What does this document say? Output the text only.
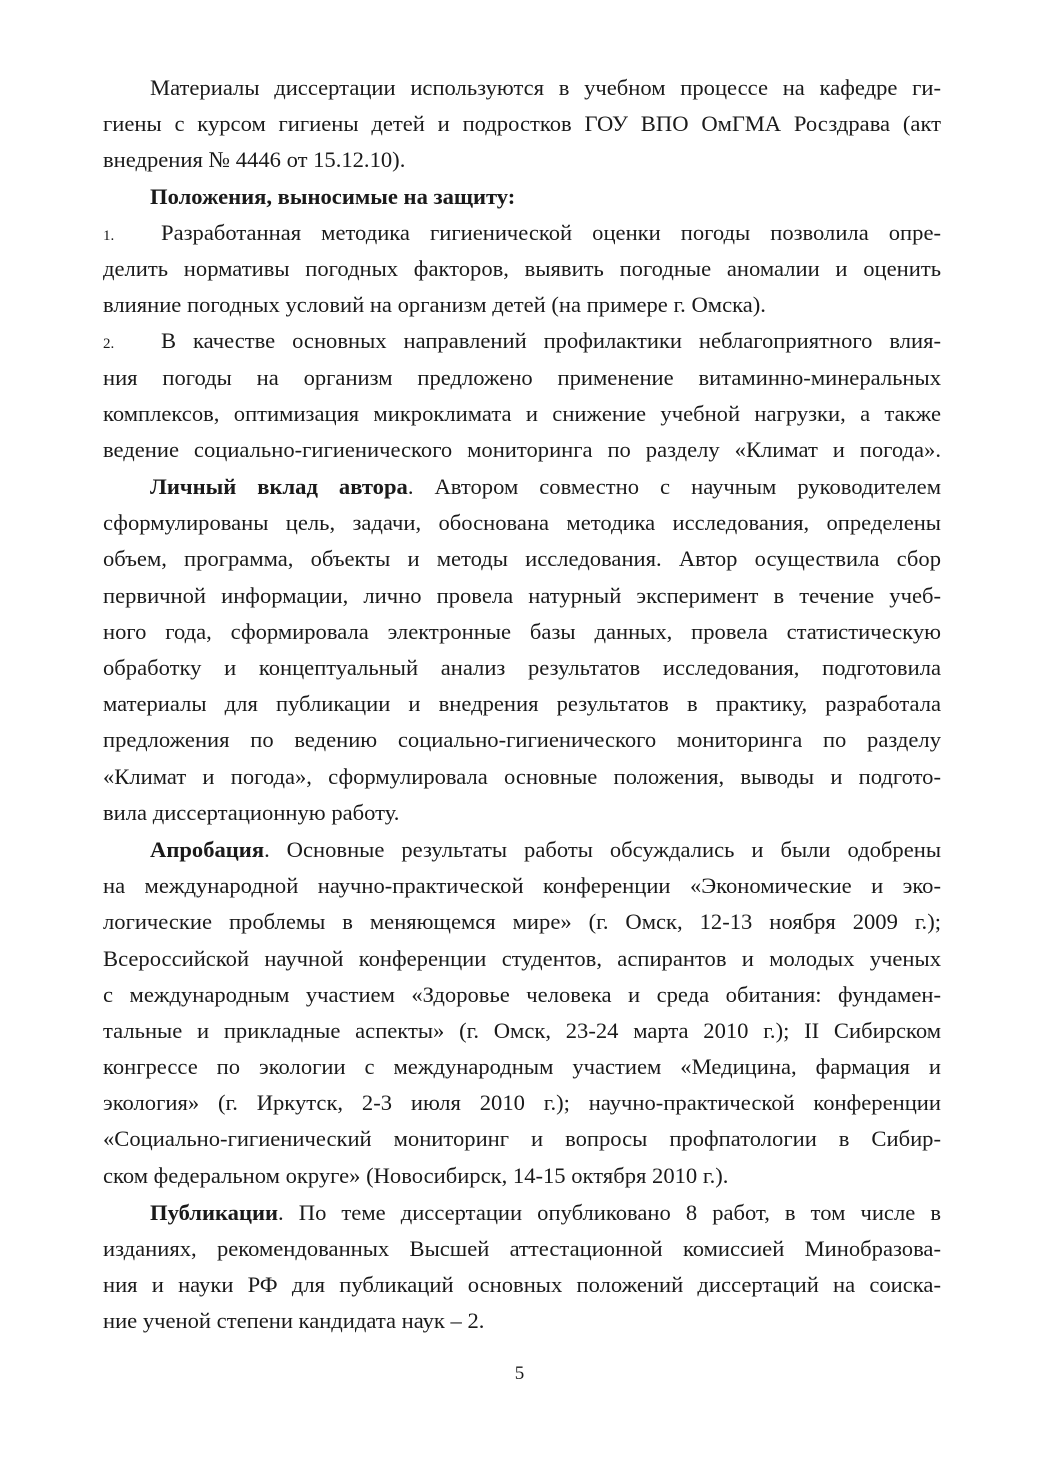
Материалы диссертации используются в учебном процессе на кафедре ги-
гиены с курсом гигиены детей и подростков ГОУ ВПО ОмГМА Росздрава (акт
внедрения № 4446 от 15.12.10).
Положения, выносимые на защиту:
1. Разработанная методика гигиенической оценки погоды позволила опре-
делить нормативы погодных факторов, выявить погодные аномалии и оценить
влияние погодных условий на организм детей (на примере г. Омска).
2. В качестве основных направлений профилактики неблагоприятного влия-
ния погоды на организм предложено применение витаминно-минеральных
комплексов, оптимизация микроклимата и снижение учебной нагрузки, а также
ведение социально-гигиенического мониторинга по разделу «Климат и погода».
Личный вклад автора. Автором совместно с научным руководителем
сформулированы цель, задачи, обоснована методика исследования, определены
объем, программа, объекты и методы исследования. Автор осуществила сбор
первичной информации, лично провела натурный эксперимент в течение учеб-
ного года, сформировала электронные базы данных, провела статистическую
обработку и концептуальный анализ результатов исследования, подготовила
материалы для публикации и внедрения результатов в практику, разработала
предложения по ведению социально-гигиенического мониторинга по разделу
«Климат и погода», сформулировала основные положения, выводы и подгото-
вила диссертационную работу.
Апробация. Основные результаты работы обсуждались и были одобрены
на международной научно-практической конференции «Экономические и эко-
логические проблемы в меняющемся мире» (г. Омск, 12-13 ноября 2009 г.);
Всероссийской научной конференции студентов, аспирантов и молодых ученых
с международным участием «Здоровье человека и среда обитания: фундамен-
тальные и прикладные аспекты» (г. Омск, 23-24 марта 2010 г.); II Сибирском
конгрессе по экологии с международным участием «Медицина, фармация и
экология» (г. Иркутск, 2-3 июля 2010 г.); научно-практической конференции
«Социально-гигиенический мониторинг и вопросы профпатологии в Сибир-
ском федеральном округе» (Новосибирск, 14-15 октября 2010 г.).
Публикации. По теме диссертации опубликовано 8 работ, в том числе в
изданиях, рекомендованных Высшей аттестационной комиссией Минобразова-
ния и науки РФ для публикаций основных положений диссертаций на соиска-
ние ученой степени кандидата наук – 2.
5
